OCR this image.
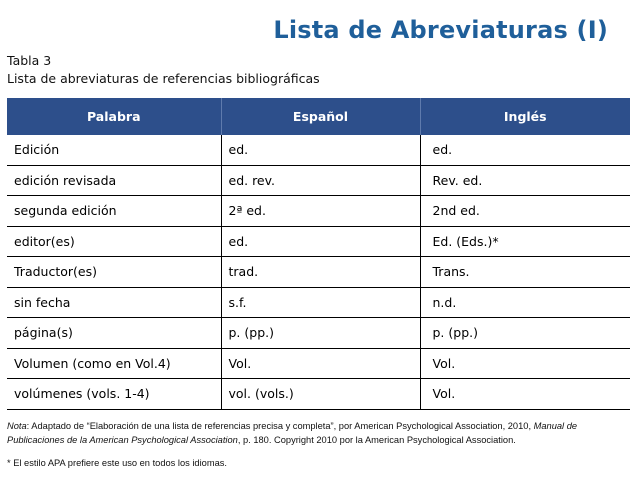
Lista de Abreviaturas (I)
Tabla 3
Lista de abreviaturas de referencias bibliográficas
Palabra	Español	Inglés
Edición	ed.	ed.
edición revisada	ed. rev.	Rev. ed.
segunda edición	2ª ed.	2nd ed.
editor(es)	ed.	Ed. (Eds.)*
Traductor(es)	trad.	Trans.
sin fecha	s.f.	n.d.
página(s)	p. (pp.)	p. (pp.)
Volumen (como en Vol.4)	Vol.	Vol.
volúmenes (vols. 1-4)	vol. (vols.)	Vol.
Nota: Adaptado de “Elaboración de una lista de referencias precisa y completa”, por American Psychological Association, 2010, Manual de Publicaciones de la American Psychological Association, p. 180. Copyright 2010 por la American Psychological Association.
* El estilo APA prefiere este uso en todos los idiomas.
